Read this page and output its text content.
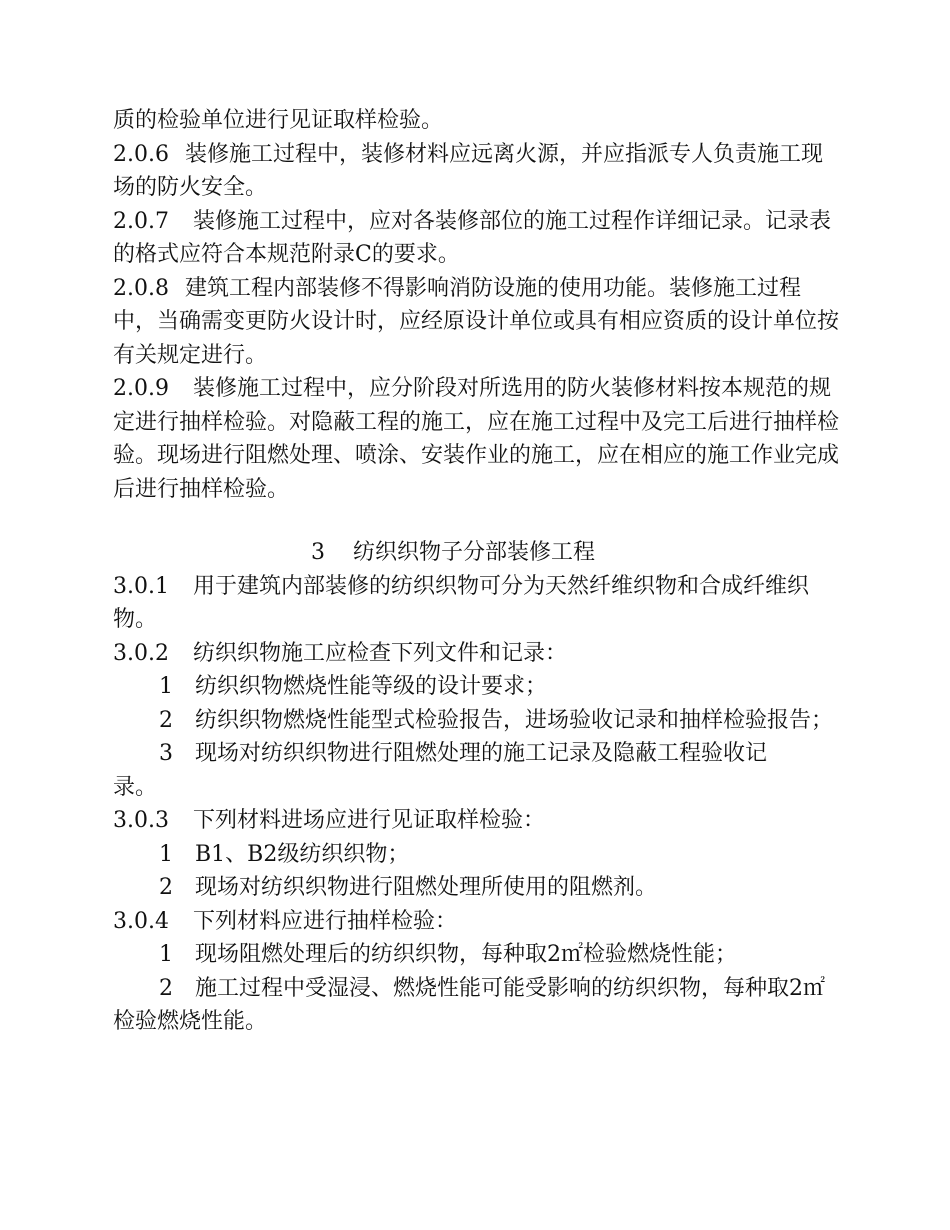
质的检验单位进行见证取样检验。

2.0.6 装修施工过程中，装修材料应远离火源，并应指派专人负责施工现场的防火安全。

2.0.7 装修施工过程中，应对各装修部位的施工过程作详细记录。记录表的格式应符合本规范附录C的要求。

2.0.8 建筑工程内部装修不得影响消防设施的使用功能。装修施工过程中，当确需变更防火设计时，应经原设计单位或具有相应资质的设计单位按有关规定进行。

2.0.9 装修施工过程中，应分阶段对所选用的防火装修材料按本规范的规定进行抽样检验。对隐蔽工程的施工，应在施工过程中及完工后进行抽样检验。现场进行阻燃处理、喷涂、安装作业的施工，应在相应的施工作业完成后进行抽样检验。

3 纺织织物子分部装修工程

3.0.1 用于建筑内部装修的纺织织物可分为天然纤维织物和合成纤维织物。

3.0.2 纺织织物施工应检查下列文件和记录：

1 纺织织物燃烧性能等级的设计要求；

2 纺织织物燃烧性能型式检验报告，进场验收记录和抽样检验报告；

3 现场对纺织织物进行阻燃处理的施工记录及隐蔽工程验收记录。

3.0.3 下列材料进场应进行见证取样检验：

1 B1、B2级纺织织物；

2 现场对纺织织物进行阻燃处理所使用的阻燃剂。

3.0.4 下列材料应进行抽样检验：

1 现场阻燃处理后的纺织织物，每种取2㎡检验燃烧性能；

2 施工过程中受湿浸、燃烧性能可能受影响的纺织织物，每种取2㎡检验燃烧性能。
